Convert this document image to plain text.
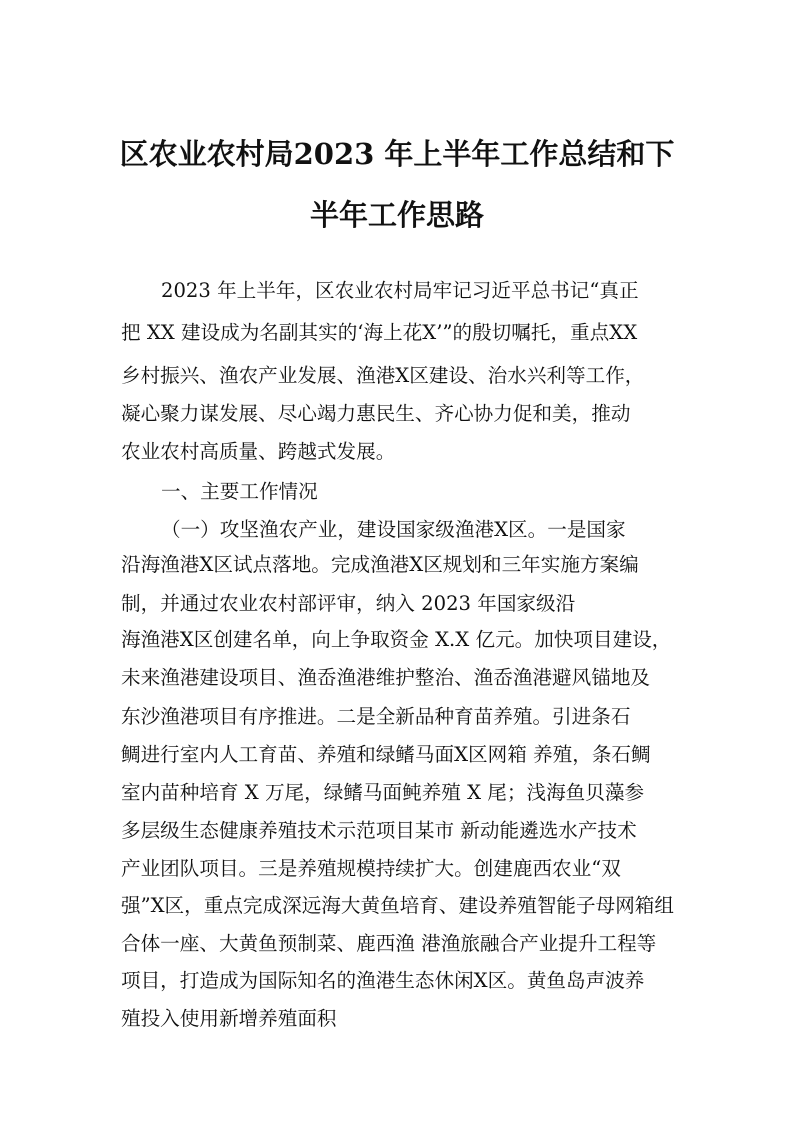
区农业农村局2023 年上半年工作总结和下
半年工作思路
2023 年上半年，区农业农村局牢记习近平总书记“真正
把 XX 建设成为名副其实的‘海上花X’”的殷切嘱托，重点XX
乡村振兴、渔农产业发展、渔港X区建设、治水兴利等工作，
凝心聚力谋发展、尽心竭力惠民生、齐心协力促和美，推动
农业农村高质量、跨越式发展。
一、主要工作情况
（一）攻坚渔农产业，建设国家级渔港X区。一是国家
沿海渔港X区试点落地。完成渔港X区规划和三年实施方案编
制，并通过农业农村部评审，纳入 2023 年国家级沿
海渔港X区创建名单，向上争取资金 X.X 亿元。加快项目建设，
未来渔港建设项目、渔岙渔港维护整治、渔岙渔港避风锚地及
东沙渔港项目有序推进。二是全新品种育苗养殖。引进条石
鲷进行室内人工育苗、养殖和绿鳍马面X区网箱 养殖，条石鲷
室内苗种培育 X 万尾，绿鳍马面鲀养殖 X 尾；浅海鱼贝藻参
多层级生态健康养殖技术示范项目某市 新动能遴选水产技术
产业团队项目。三是养殖规模持续扩大。创建鹿西农业“双
强”X区，重点完成深远海大黄鱼培育、建设养殖智能子母网箱组
合体一座、大黄鱼预制菜、鹿西渔 港渔旅融合产业提升工程等
项目，打造成为国际知名的渔港生态休闲X区。黄鱼岛声波养
殖投入使用新增养殖面积
